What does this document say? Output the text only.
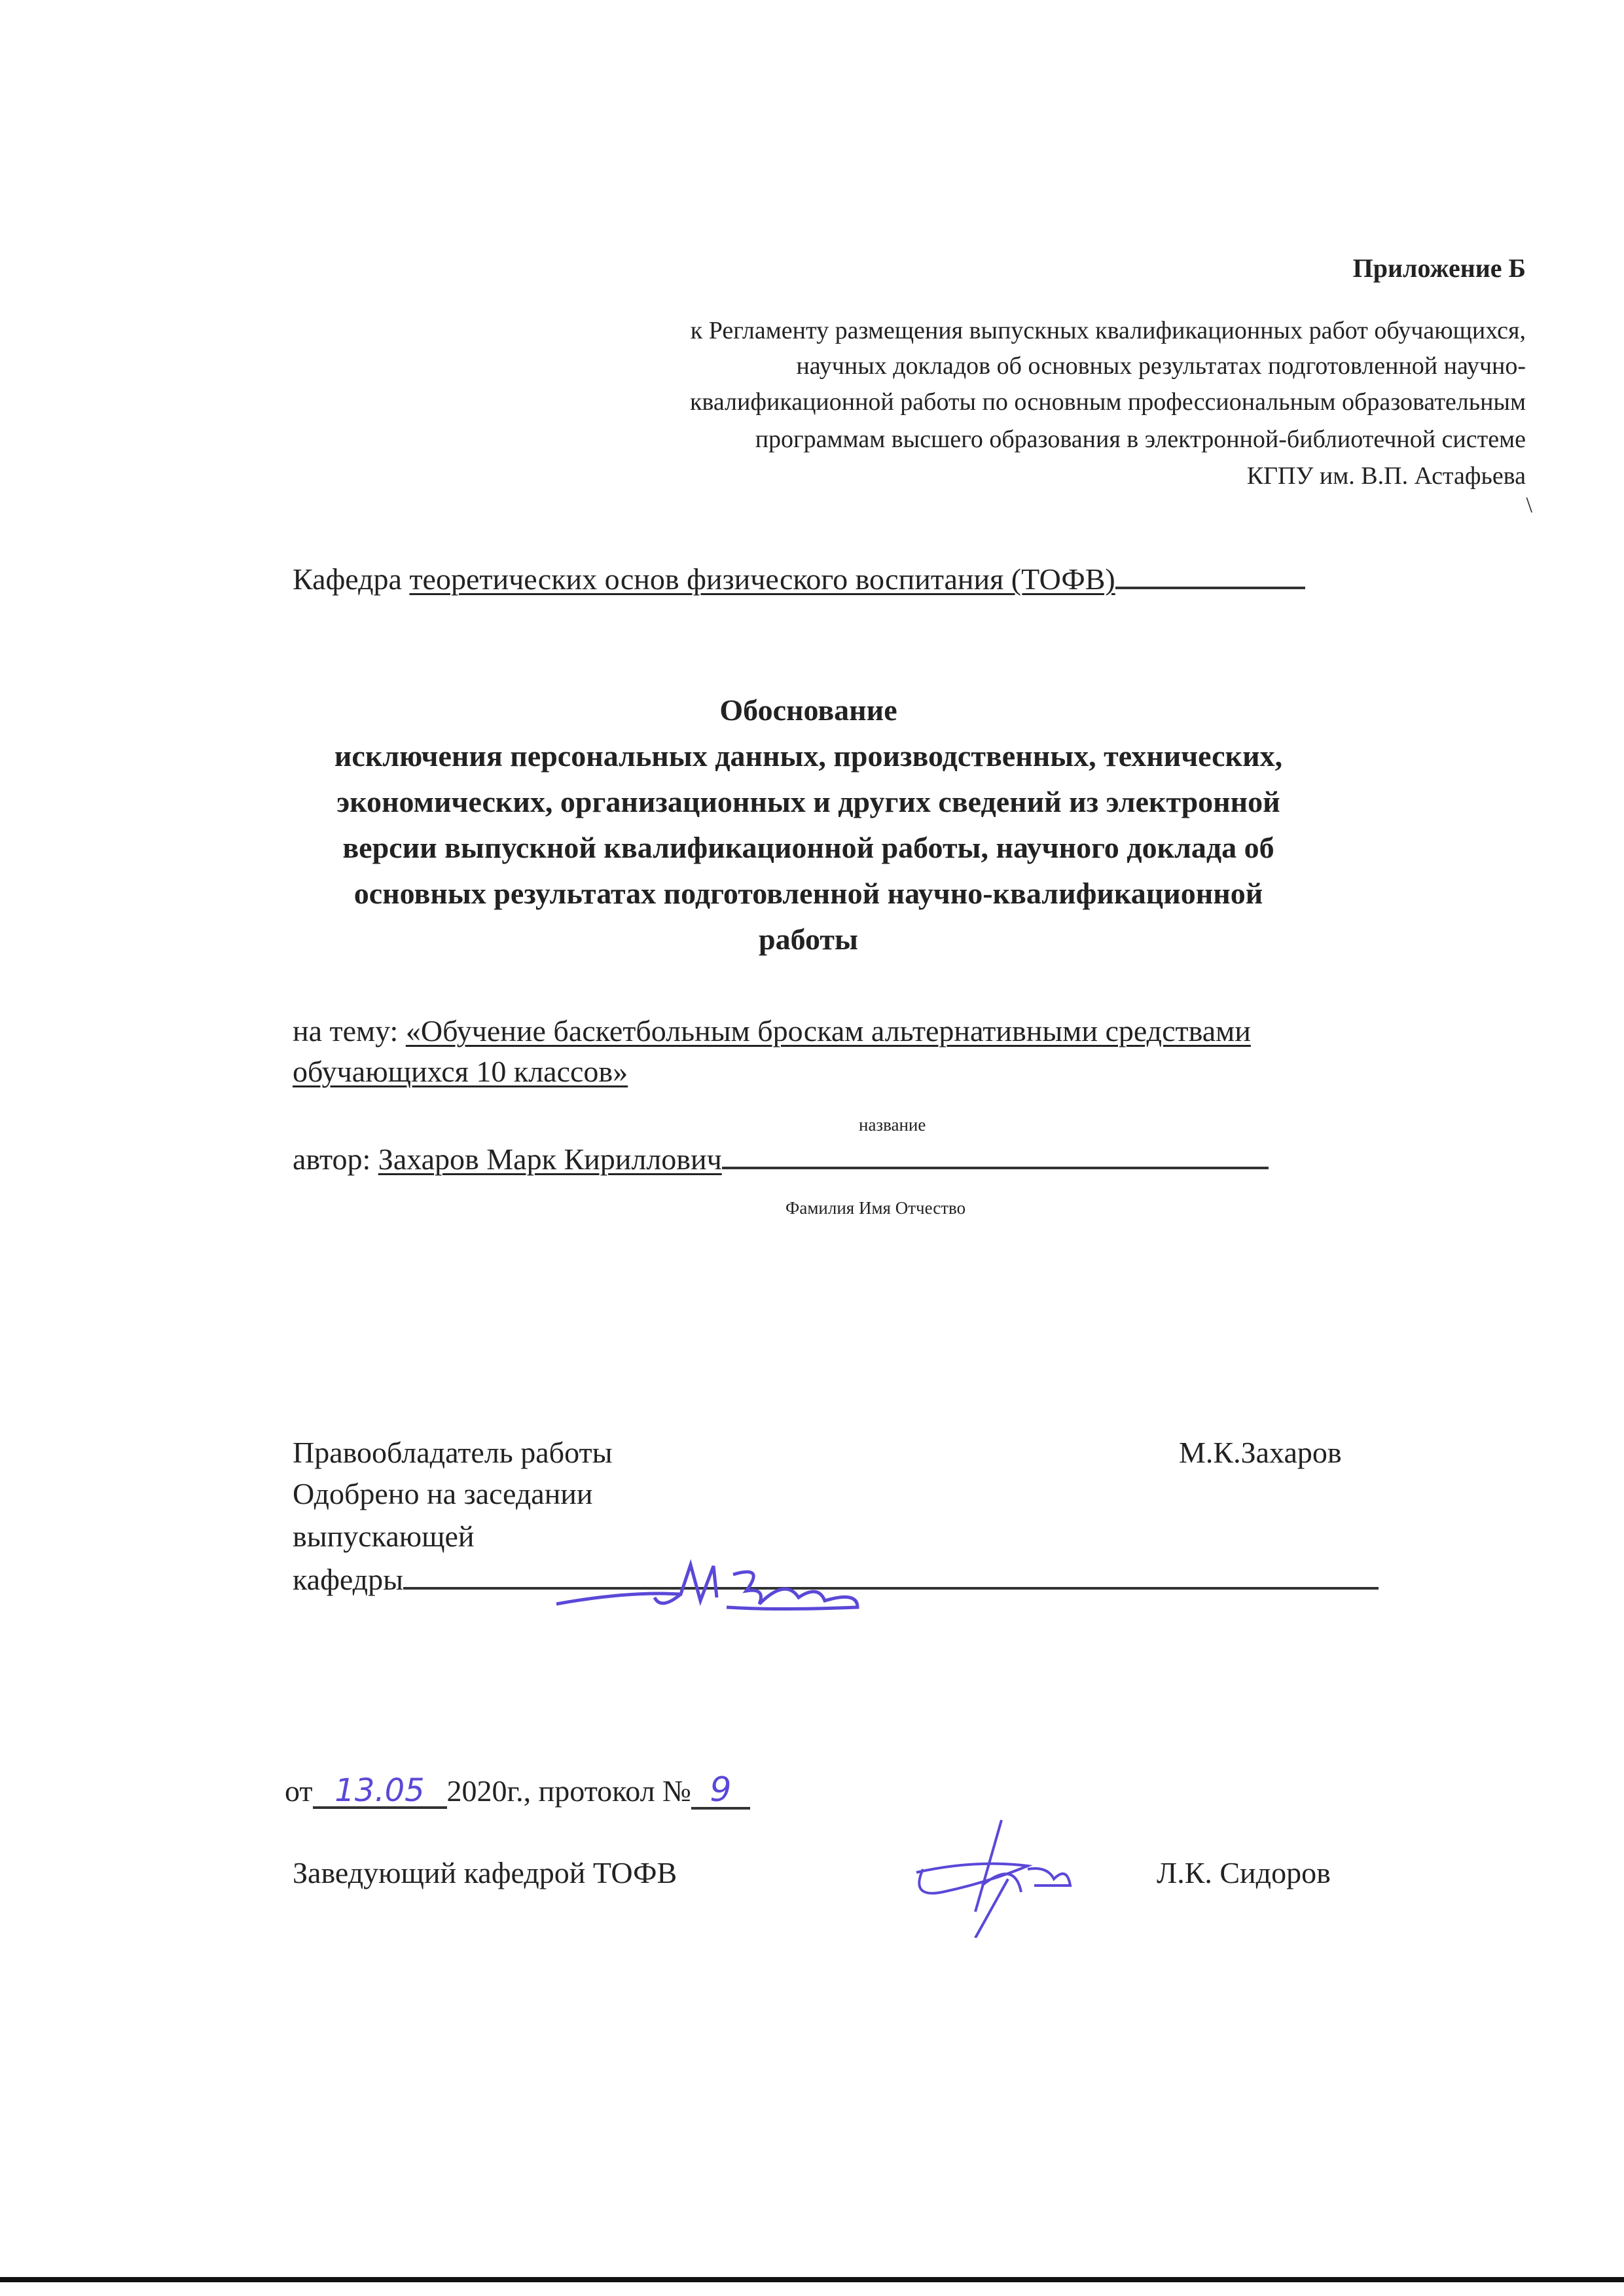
Приложение Б
к Регламенту размещения выпускных квалификационных работ обучающихся,
научных докладов об основных результатах подготовленной научно-
квалификационной работы по основным профессиональным образовательным
программам высшего образования в электронной-библиотечной системе
КГПУ им. В.П. Астафьева
\
Кафедра теоретических основ физического воспитания (ТОФВ)
Обоснование
исключения персональных данных, производственных, технических,
экономических, организационных и других сведений из электронной
версии выпускной квалификационной работы, научного доклада об
основных результатах подготовленной научно-квалификационной
работы
на тему: «Обучение баскетбольным броскам альтернативными средствами
обучающихся 10 классов»
название
автор: Захаров Марк Кириллович
Фамилия Имя Отчество
Правообладатель работы	М.К.Захаров
Одобрено на заседании
выпускающей
кафедры
от 13.05 2020г., протокол № 9
Заведующий кафедрой ТОФВ	Л.К. Сидоров
